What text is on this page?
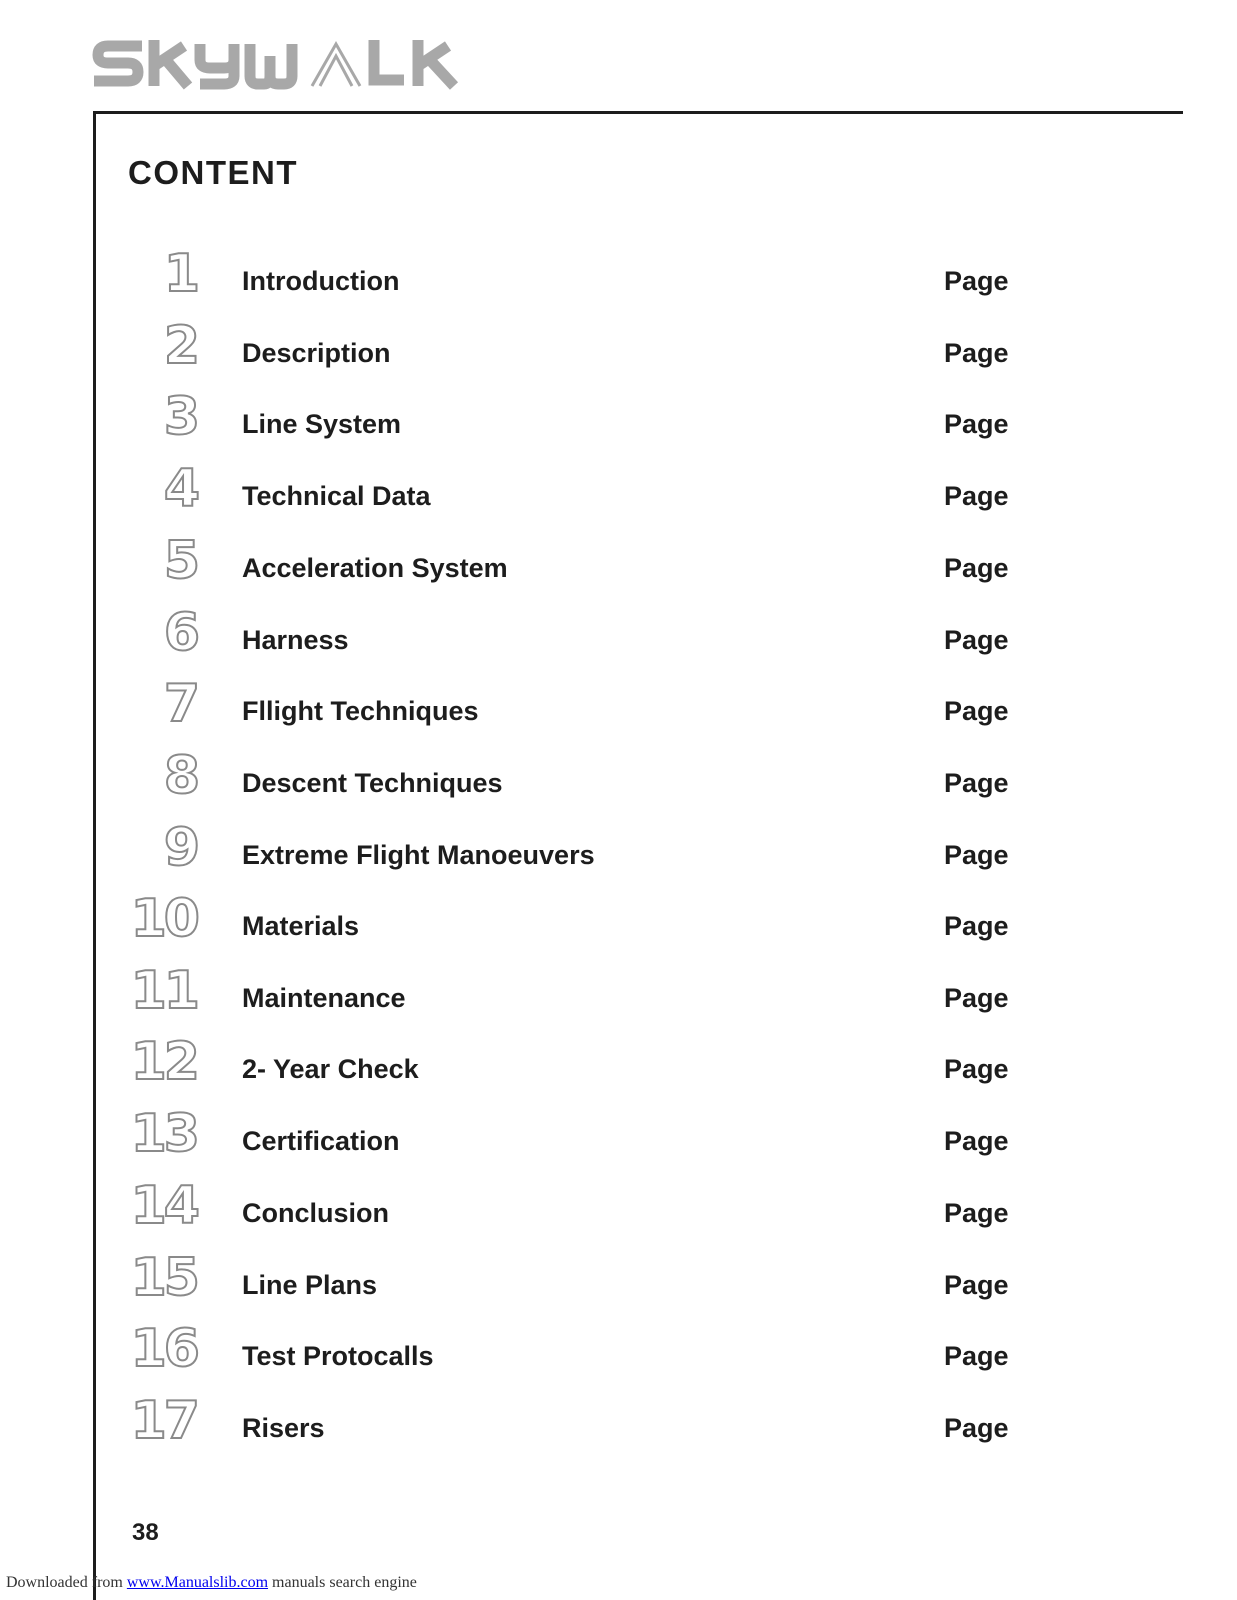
CONTENT
1 Introduction	Page
2 Description	Page
3 Line System	Page
4 Technical Data	Page
5 Acceleration System	Page
6 Harness	Page
7 Fllight Techniques	Page
8 Descent Techniques	Page
9 Extreme Flight Manoeuvers	Page
10 Materials	Page
11 Maintenance	Page
12 2- Year Check	Page
13 Certification	Page
14 Conclusion	Page
15 Line Plans	Page
16 Test Protocalls	Page
17 Risers	Page
38
Downloaded from www.Manualslib.com manuals search engine
